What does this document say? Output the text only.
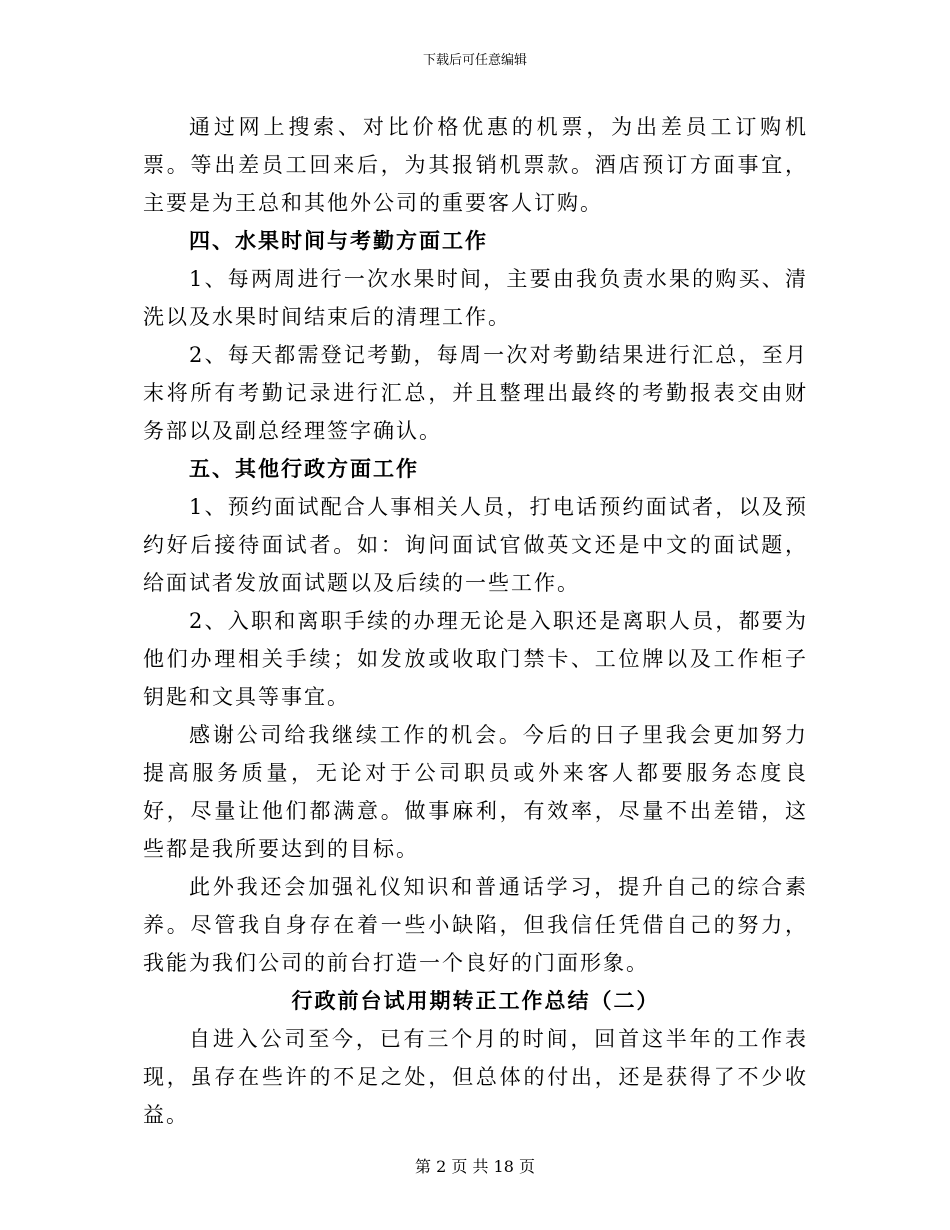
下载后可任意编辑

通过网上搜索、对比价格优惠的机票，为出差员工订购机票。等出差员工回来后，为其报销机票款。酒店预订方面事宜，主要是为王总和其他外公司的重要客人订购。

四、水果时间与考勤方面工作

1、每两周进行一次水果时间，主要由我负责水果的购买、清洗以及水果时间结束后的清理工作。

2、每天都需登记考勤，每周一次对考勤结果进行汇总，至月末将所有考勤记录进行汇总，并且整理出最终的考勤报表交由财务部以及副总经理签字确认。

五、其他行政方面工作

1、预约面试配合人事相关人员，打电话预约面试者，以及预约好后接待面试者。如：询问面试官做英文还是中文的面试题，给面试者发放面试题以及后续的一些工作。

2、入职和离职手续的办理无论是入职还是离职人员，都要为他们办理相关手续；如发放或收取门禁卡、工位牌以及工作柜子钥匙和文具等事宜。

感谢公司给我继续工作的机会。今后的日子里我会更加努力提高服务质量，无论对于公司职员或外来客人都要服务态度良好，尽量让他们都满意。做事麻利，有效率，尽量不出差错，这些都是我所要达到的目标。

此外我还会加强礼仪知识和普通话学习，提升自己的综合素养。尽管我自身存在着一些小缺陷，但我信任凭借自己的努力，我能为我们公司的前台打造一个良好的门面形象。

行政前台试用期转正工作总结（二）

自进入公司至今，已有三个月的时间，回首这半年的工作表现，虽存在些许的不足之处，但总体的付出，还是获得了不少收益。

第 2 页 共 18 页
